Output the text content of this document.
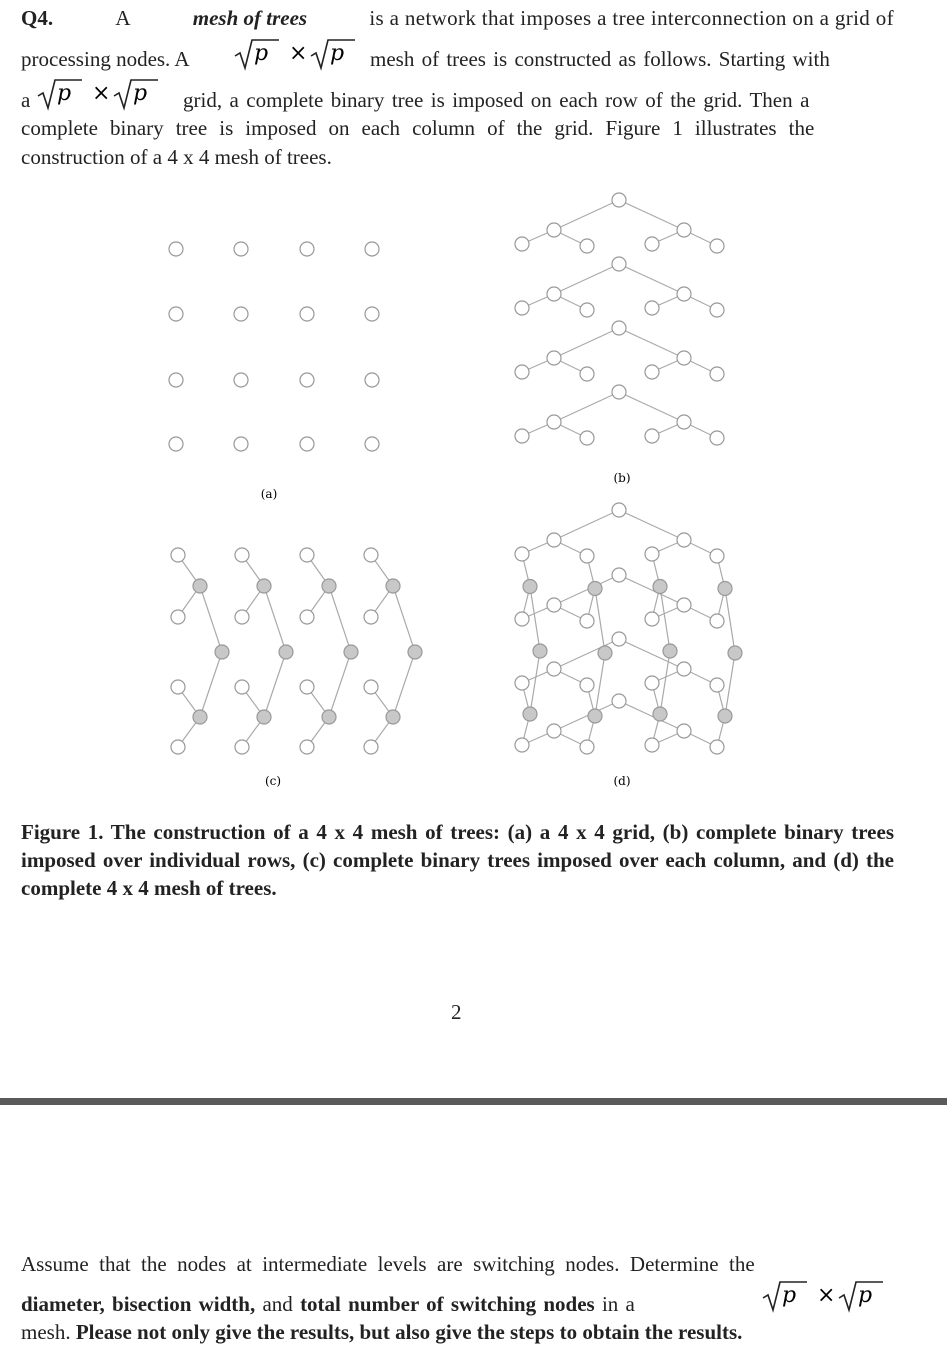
Q4.	A	mesh of trees	is a network that imposes a tree interconnection on a grid of
processing nodes. A	p × p mesh of trees is constructed as follows. Starting with
a p × p grid, a complete binary tree is imposed on each row of the grid. Then a
complete binary tree is imposed on each column of the grid. Figure 1 illustrates the
construction of a 4 x 4 mesh of trees.
(a)
(b)
(c)	(d)
Figure 1. The construction of a 4 x 4 mesh of trees: (a) a 4 x 4 grid, (b) complete binary trees imposed over individual rows, (c) complete binary trees imposed over each column, and (d) the complete 4 x 4 mesh of trees.
2
Assume that the nodes at intermediate levels are switching nodes. Determine the
diameter, bisection width, and total number of switching nodes in a	p × p
mesh. Please not only give the results, but also give the steps to obtain the results.
